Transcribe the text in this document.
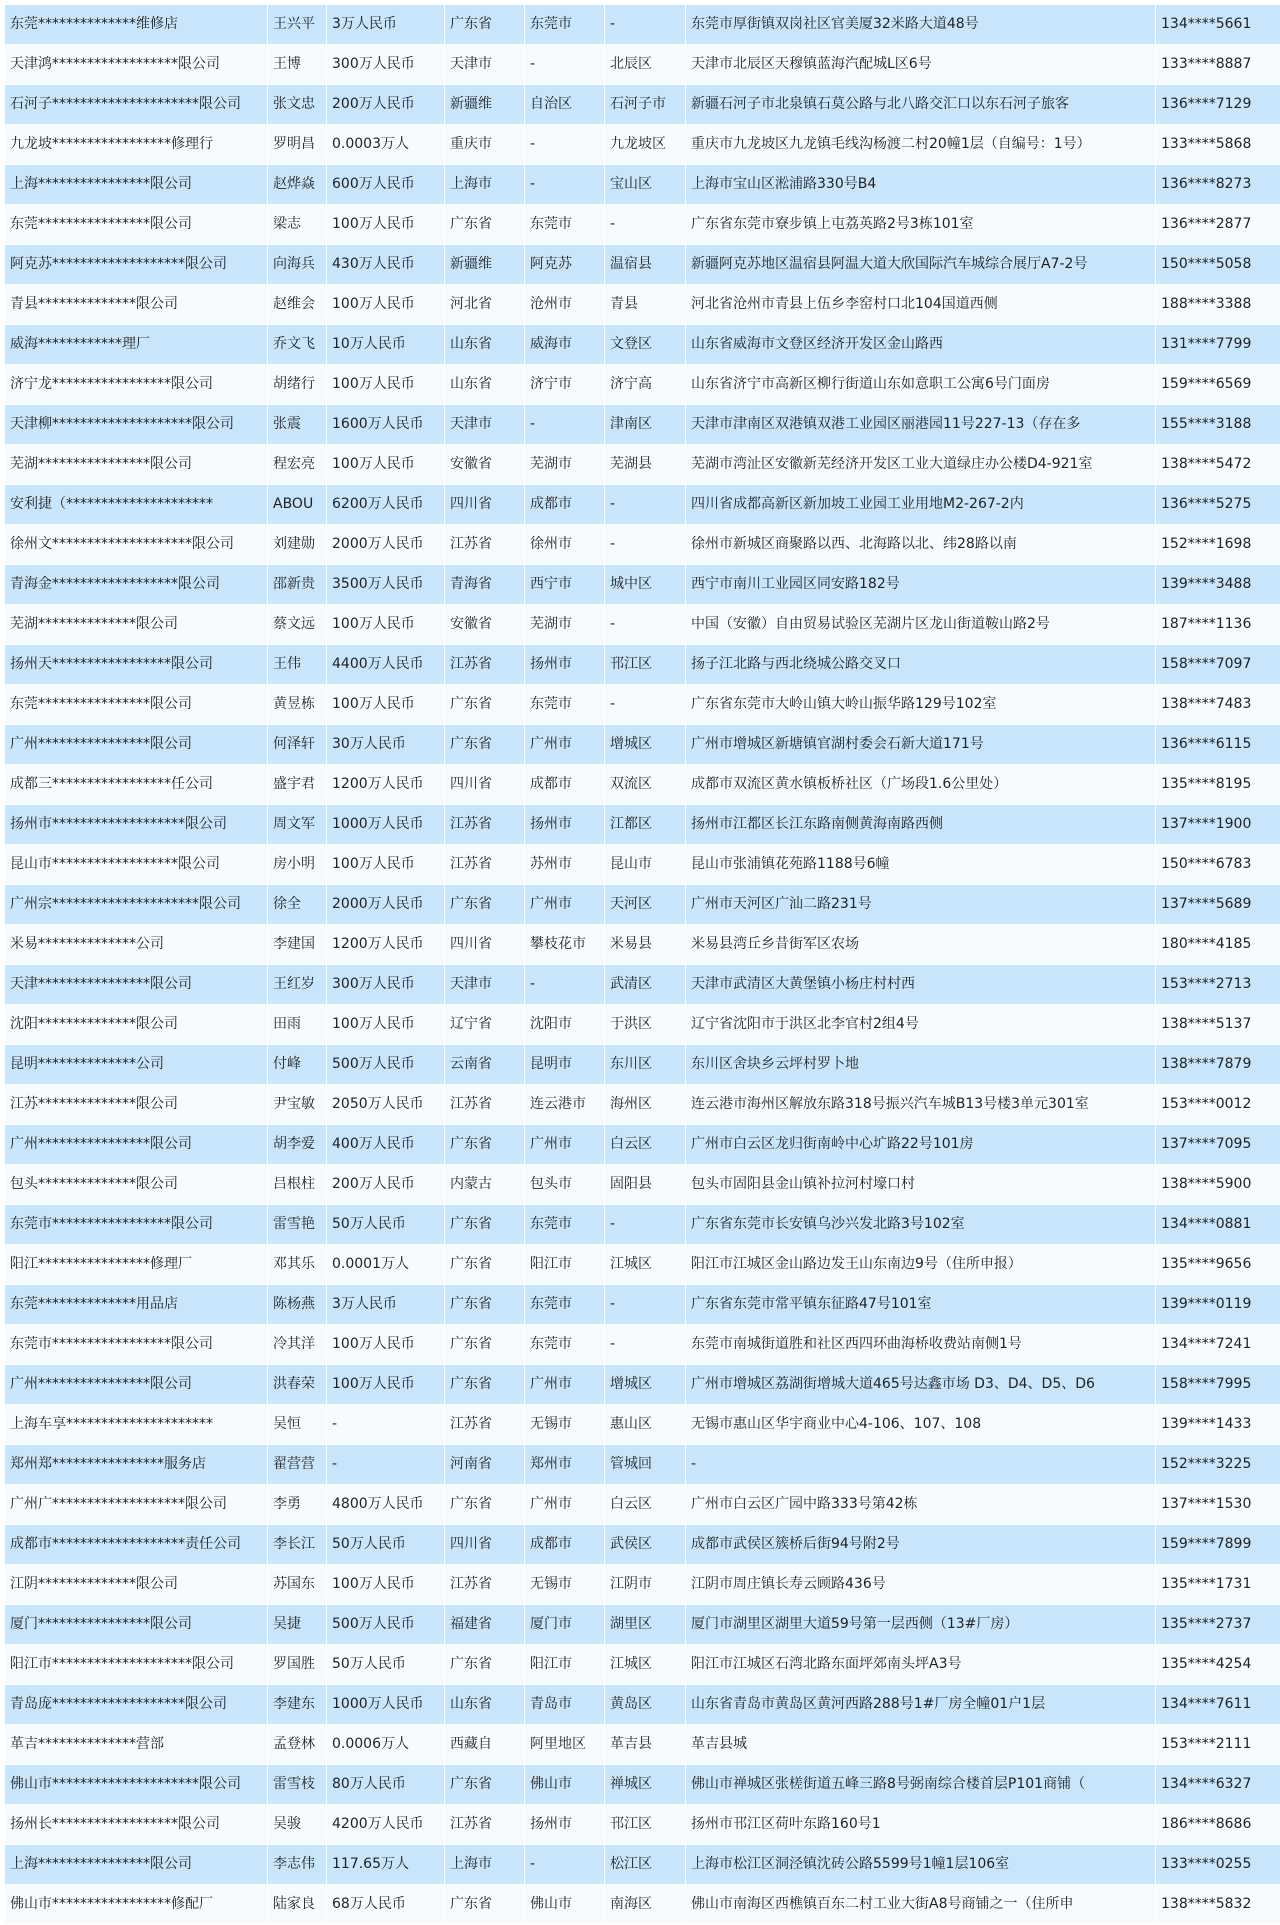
东莞**************维修店	王兴平	3万人民币	广东省	东莞市	-	东莞市厚街镇双岗社区官美厦32米路大道48号	134****5661
天津鸿******************限公司	王博	300万人民币	天津市	-	北辰区	天津市北辰区天穆镇蓝海汽配城L区6号	133****8887
石河子*********************限公司	张文忠	200万人民币	新疆维	自治区	石河子市	新疆石河子市北泉镇石莫公路与北八路交汇口以东石河子旅客	136****7129
九龙坡*****************修理行	罗明昌	0.0003万人	重庆市	-	九龙坡区	重庆市九龙坡区九龙镇毛线沟杨渡二村20幢1层（自编号：1号）	133****5868
上海****************限公司	赵烨焱	600万人民币	上海市	-	宝山区	上海市宝山区淞浦路330号B4	136****8273
东莞****************限公司	梁志	100万人民币	广东省	东莞市	-	广东省东莞市寮步镇上屯荔英路2号3栋101室	136****2877
阿克苏*******************限公司	向海兵	430万人民币	新疆维	阿克苏	温宿县	新疆阿克苏地区温宿县阿温大道大欣国际汽车城综合展厅A7-2号	150****5058
青县**************限公司	赵维会	100万人民币	河北省	沧州市	青县	河北省沧州市青县上伍乡李窑村口北104国道西侧	188****3388
威海************理厂	乔文飞	10万人民币	山东省	威海市	文登区	山东省威海市文登区经济开发区金山路西	131****7799
济宁龙*****************限公司	胡绪行	100万人民币	山东省	济宁市	济宁高	山东省济宁市高新区柳行街道山东如意职工公寓6号门面房	159****6569
天津柳********************限公司	张震	1600万人民币	天津市	-	津南区	天津市津南区双港镇双港工业园区丽港园11号227-13（存在多	155****3188
芜湖****************限公司	程宏亮	100万人民币	安徽省	芜湖市	芜湖县	芜湖市湾沚区安徽新芜经济开发区工业大道绿庄办公楼D4-921室	138****5472
安利捷（*********************	ABOU	6200万人民币	四川省	成都市	-	四川省成都高新区新加坡工业园工业用地M2-267-2内	136****5275
徐州文********************限公司	刘建勋	2000万人民币	江苏省	徐州市	-	徐州市新城区商聚路以西、北海路以北、纬28路以南	152****1698
青海金******************限公司	邵新贵	3500万人民币	青海省	西宁市	城中区	西宁市南川工业园区同安路182号	139****3488
芜湖**************限公司	蔡文远	100万人民币	安徽省	芜湖市	-	中国（安徽）自由贸易试验区芜湖片区龙山街道鞍山路2号	187****1136
扬州天*****************限公司	王伟	4400万人民币	江苏省	扬州市	邗江区	扬子江北路与西北绕城公路交叉口	158****7097
东莞****************限公司	黄昱栋	100万人民币	广东省	东莞市	-	广东省东莞市大岭山镇大岭山振华路129号102室	138****7483
广州****************限公司	何泽轩	30万人民币	广东省	广州市	增城区	广州市增城区新塘镇官湖村委会石新大道171号	136****6115
成都三*****************任公司	盛宇君	1200万人民币	四川省	成都市	双流区	成都市双流区黄水镇板桥社区（广场段1.6公里处）	135****8195
扬州市*******************限公司	周文军	1000万人民币	江苏省	扬州市	江都区	扬州市江都区长江东路南侧黄海南路西侧	137****1900
昆山市******************限公司	房小明	100万人民币	江苏省	苏州市	昆山市	昆山市张浦镇花苑路1188号6幢	150****6783
广州宗*********************限公司	徐全	2000万人民币	广东省	广州市	天河区	广州市天河区广汕二路231号	137****5689
米易**************公司	李建国	1200万人民币	四川省	攀枝花市	米易县	米易县湾丘乡昔街军区农场	180****4185
天津****************限公司	王红岁	300万人民币	天津市	-	武清区	天津市武清区大黄堡镇小杨庄村村西	153****2713
沈阳**************限公司	田雨	100万人民币	辽宁省	沈阳市	于洪区	辽宁省沈阳市于洪区北李官村2组4号	138****5137
昆明**************公司	付峰	500万人民币	云南省	昆明市	东川区	东川区舍块乡云坪村罗卜地	138****7879
江苏**************限公司	尹宝敏	2050万人民币	江苏省	连云港市	海州区	连云港市海州区解放东路318号振兴汽车城B13号楼3单元301室	153****0012
广州****************限公司	胡李爱	400万人民币	广东省	广州市	白云区	广州市白云区龙归街南岭中心圹路22号101房	137****7095
包头**************限公司	吕根柱	200万人民币	内蒙古	包头市	固阳县	包头市固阳县金山镇补拉河村壕口村	138****5900
东莞市*****************限公司	雷雪艳	50万人民币	广东省	东莞市	-	广东省东莞市长安镇乌沙兴发北路3号102室	134****0881
阳江****************修理厂	邓其乐	0.0001万人	广东省	阳江市	江城区	阳江市江城区金山路边发王山东南边9号（住所申报）	135****9656
东莞**************用品店	陈杨燕	3万人民币	广东省	东莞市	-	广东省东莞市常平镇东征路47号101室	139****0119
东莞市*****************限公司	冷其洋	100万人民币	广东省	东莞市	-	东莞市南城街道胜和社区西四环曲海桥收费站南侧1号	134****7241
广州****************限公司	洪春荣	100万人民币	广东省	广州市	增城区	广州市增城区荔湖街增城大道465号达鑫市场 D3、D4、D5、D6	158****7995
上海车享*********************	吴恒	-	江苏省	无锡市	惠山区	无锡市惠山区华宇商业中心4-106、107、108	139****1433
郑州郑****************服务店	翟营营	-	河南省	郑州市	管城回	-	152****3225
广州广*******************限公司	李勇	4800万人民币	广东省	广州市	白云区	广州市白云区广园中路333号第42栋	137****1530
成都市*******************责任公司	李长江	50万人民币	四川省	成都市	武侯区	成都市武侯区簇桥后街94号附2号	159****7899
江阴**************限公司	苏国东	100万人民币	江苏省	无锡市	江阴市	江阴市周庄镇长寿云顾路436号	135****1731
厦门****************限公司	吴捷	500万人民币	福建省	厦门市	湖里区	厦门市湖里区湖里大道59号第一层西侧（13#厂房）	135****2737
阳江市********************限公司	罗国胜	50万人民币	广东省	阳江市	江城区	阳江市江城区石湾北路东面坪郊南头坪A3号	135****4254
青岛庞*******************限公司	李建东	1000万人民币	山东省	青岛市	黄岛区	山东省青岛市黄岛区黄河西路288号1#厂房全幢01户1层	134****7611
革吉**************营部	孟登林	0.0006万人	西藏自	阿里地区	革吉县	革吉县城	153****2111
佛山市*********************限公司	雷雪枝	80万人民币	广东省	佛山市	禅城区	佛山市禅城区张槎街道五峰三路8号弼南综合楼首层P101商铺（	134****6327
扬州长******************限公司	吴骏	4200万人民币	江苏省	扬州市	邗江区	扬州市邗江区荷叶东路160号1	186****8686
上海****************限公司	李志伟	117.65万人	上海市	-	松江区	上海市松江区洞泾镇沈砖公路5599号1幢1层106室	133****0255
佛山市*****************修配厂	陆家良	68万人民币	广东省	佛山市	南海区	佛山市南海区西樵镇百东二村工业大街A8号商铺之一（住所申	138****5832
